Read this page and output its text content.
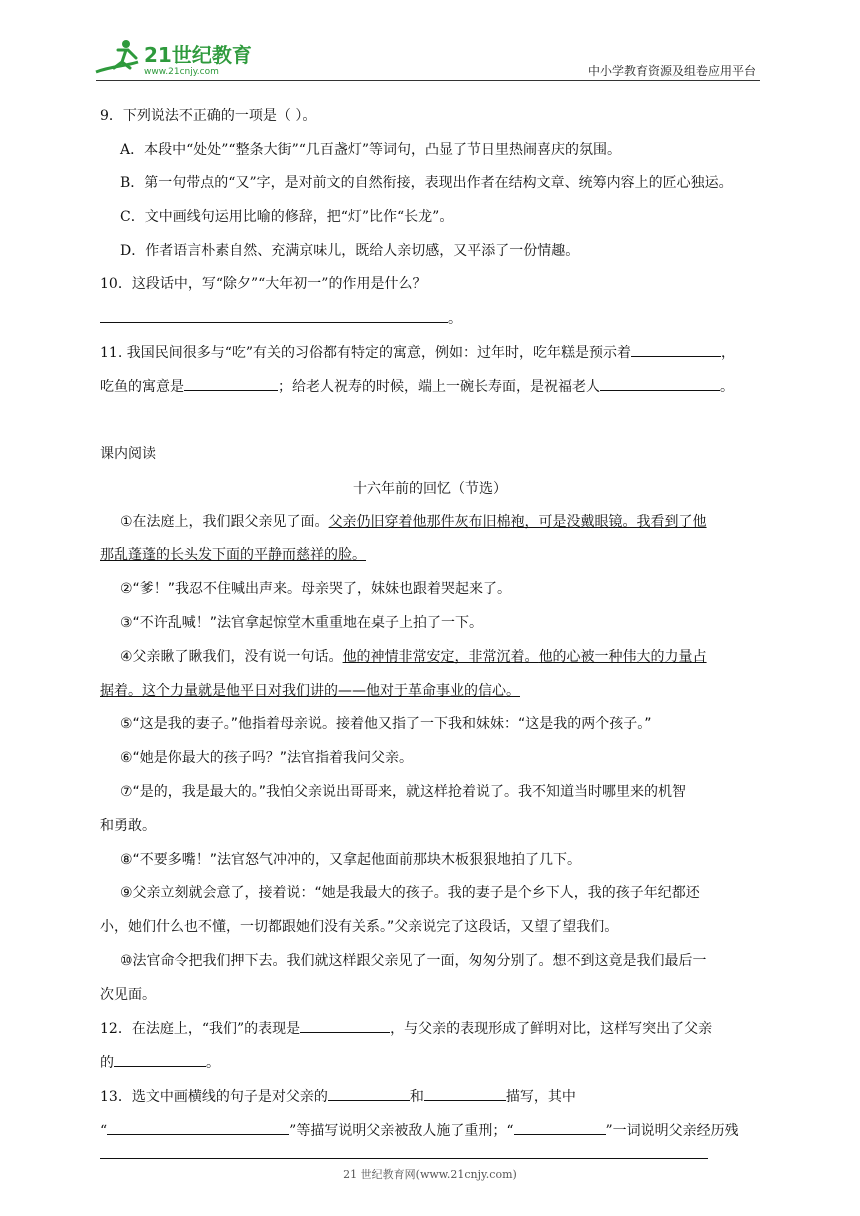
21世纪教育
www.21cnjy.com	中小学教育资源及组卷应用平台
9．下列说法不正确的一项是（ ）。
A．本段中“处处”“整条大街”“几百盏灯”等词句，凸显了节日里热闹喜庆的氛围。
B．第一句带点的“又”字，是对前文的自然衔接，表现出作者在结构文章、统筹内容上的匠心独运。
C．文中画线句运用比喻的修辞，把“灯”比作“长龙”。
D．作者语言朴素自然、充满京味儿，既给人亲切感，又平添了一份情趣。
10．这段话中，写“除夕”“大年初一”的作用是什么？
。
11. 我国民间很多与“吃”有关的习俗都有特定的寓意，例如：过年时，吃年糕是预示着	，
吃鱼的寓意是	；给老人祝寿的时候，端上一碗长寿面，是祝福老人	。
课内阅读
十六年前的回忆（节选）
①在法庭上，我们跟父亲见了面。父亲仍旧穿着他那件灰布旧棉袍，可是没戴眼镜。我看到了他
那乱蓬蓬的长头发下面的平静而慈祥的脸。
②“爹！”我忍不住喊出声来。母亲哭了，妹妹也跟着哭起来了。
③“不许乱喊！”法官拿起惊堂木重重地在桌子上拍了一下。
④父亲瞅了瞅我们，没有说一句话。他的神情非常安定，非常沉着。他的心被一种伟大的力量占
据着。这个力量就是他平日对我们讲的——他对于革命事业的信心。
⑤“这是我的妻子。”他指着母亲说。接着他又指了一下我和妹妹：“这是我的两个孩子。”
⑥“她是你最大的孩子吗？”法官指着我问父亲。
⑦“是的，我是最大的。”我怕父亲说出哥哥来，就这样抢着说了。我不知道当时哪里来的机智
和勇敢。
⑧“不要多嘴！”法官怒气冲冲的，又拿起他面前那块木板狠狠地拍了几下。
⑨父亲立刻就会意了，接着说：“她是我最大的孩子。我的妻子是个乡下人，我的孩子年纪都还
小，她们什么也不懂，一切都跟她们没有关系。”父亲说完了这段话，又望了望我们。
⑩法官命令把我们押下去。我们就这样跟父亲见了一面，匆匆分别了。想不到这竟是我们最后一
次见面。
12．在法庭上，“我们”的表现是	，与父亲的表现形成了鲜明对比，这样写突出了父亲
的	。
13．选文中画横线的句子是对父亲的	和	描写，其中
“	”等描写说明父亲被敌人施了重刑；“	”一词说明父亲经历残
21 世纪教育网(www.21cnjy.com)
